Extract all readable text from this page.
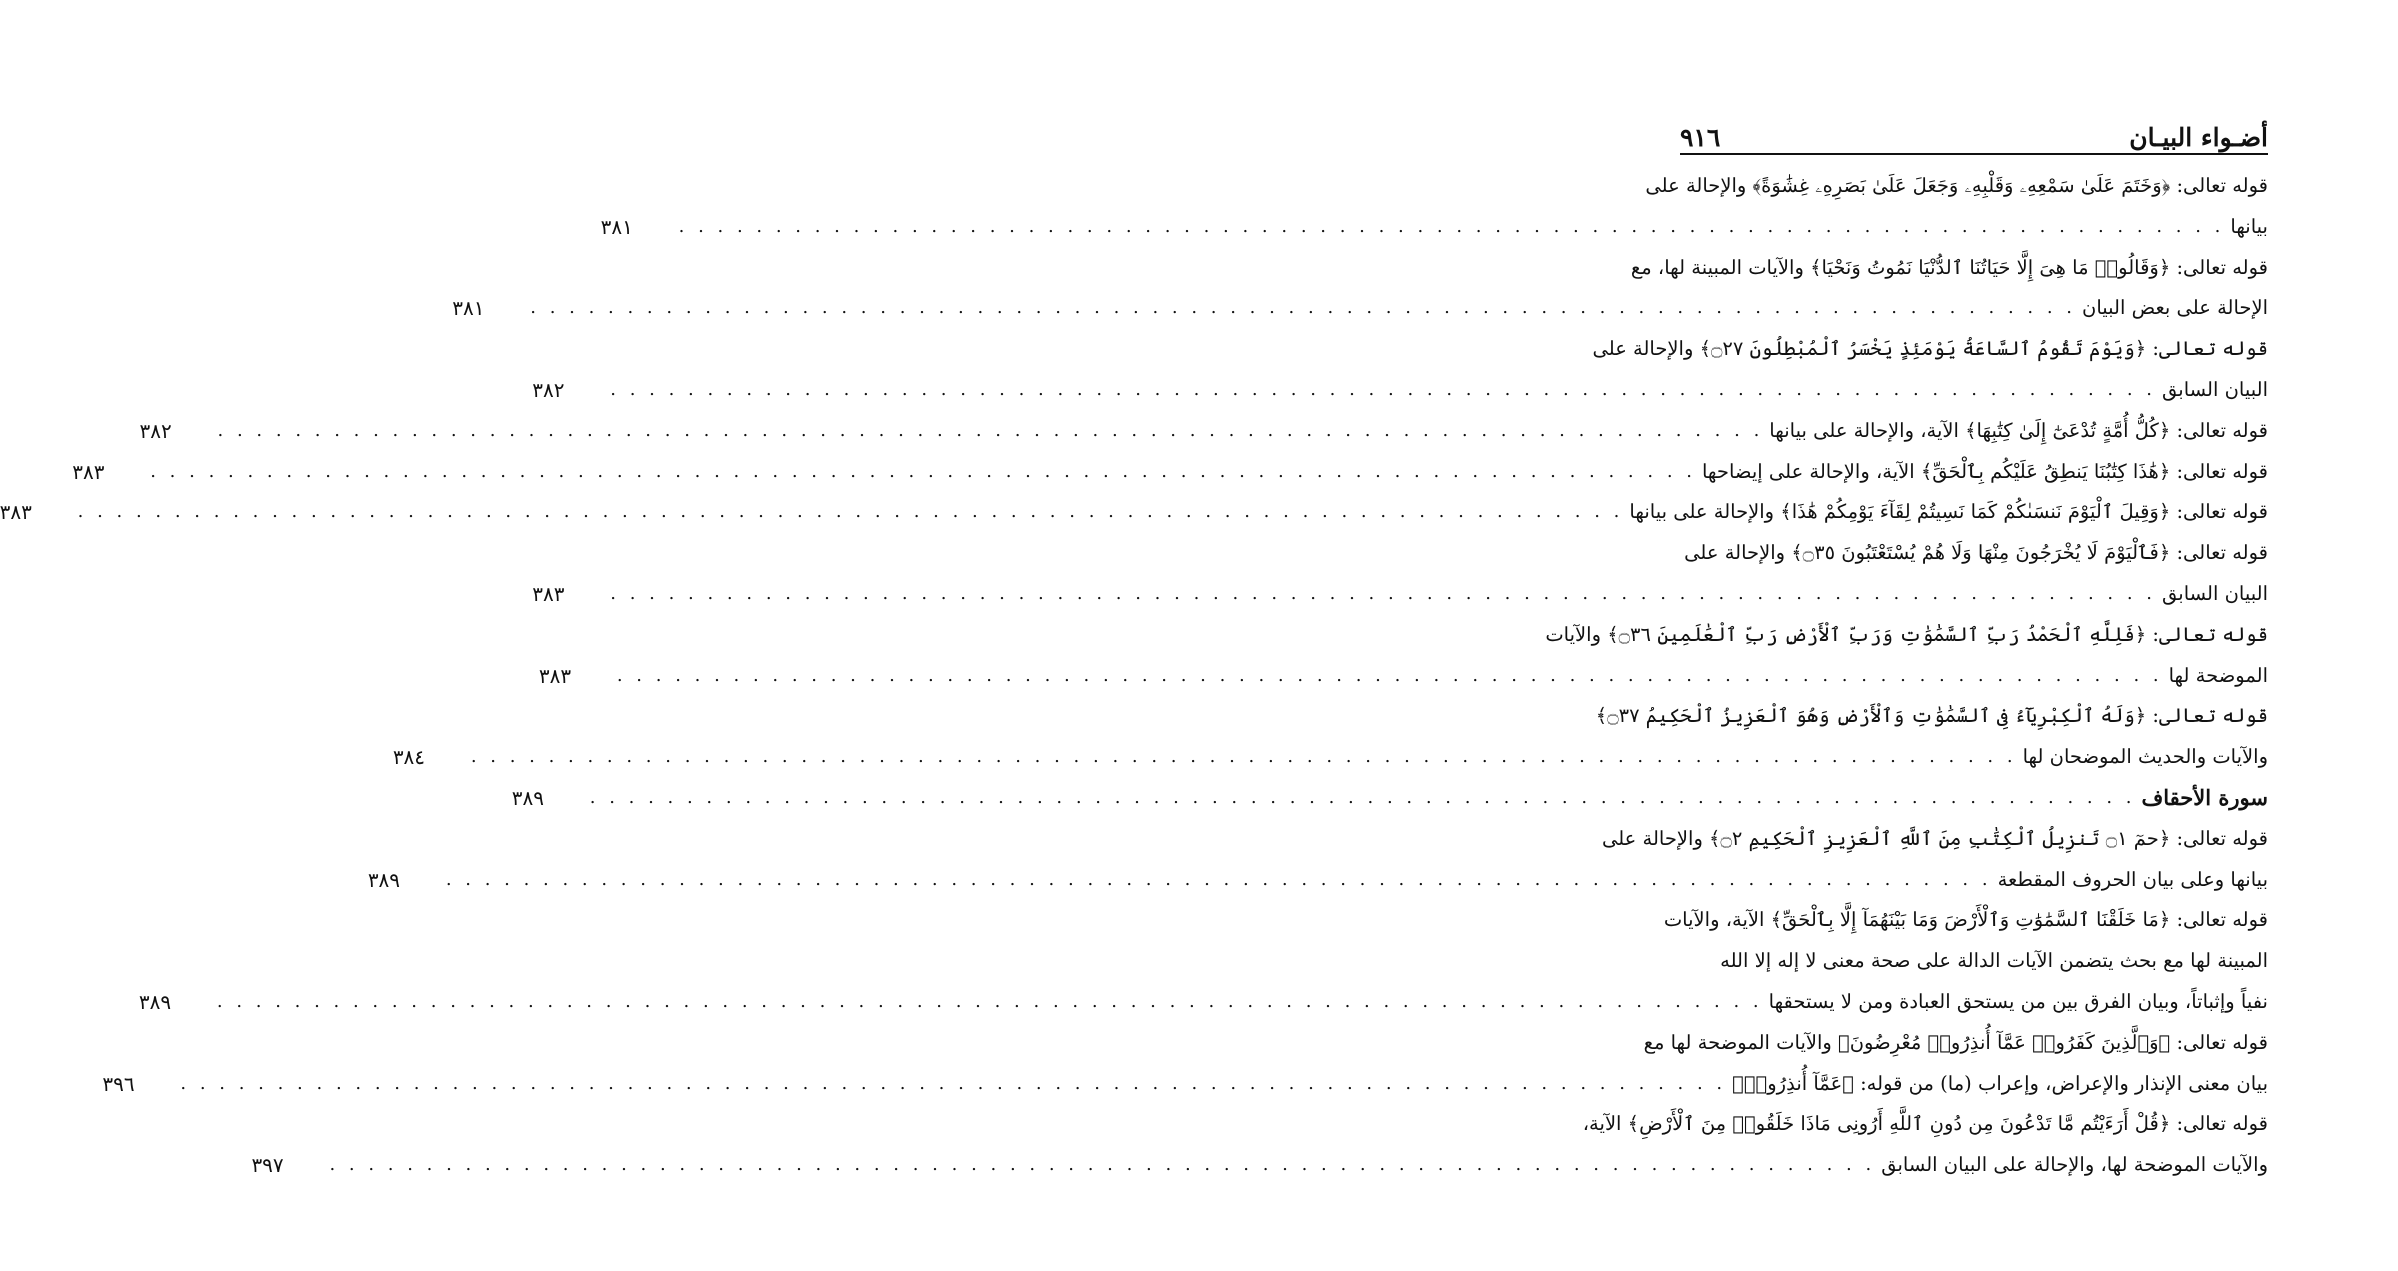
أضـواء البيـان
٩١٦
قوله تعالى: ﴿وَخَتَمَ عَلَىٰ سَمْعِهِۦ وَقَلْبِهِۦ وَجَعَلَ عَلَىٰ بَصَرِهِۦ غِشَٰوَةً﴾ والإحالة على
بيانها
. . . . . . . . . . . . . . . . . . . . . . . . . . . . . . . . . . . . . . . . . . . . . . . . . . . . . . . . . . . . . . . . . . . . . . . . . . . . . . . .
٣٨١
قوله تعالى: ﴿وَقَالُوا۟ مَا هِىَ إِلَّا حَيَاتُنَا ٱلدُّنْيَا نَمُوتُ وَنَحْيَا﴾ والآيات المبينة لها، مع
الإحالة على بعض البيان
. . . . . . . . . . . . . . . . . . . . . . . . . . . . . . . . . . . . . . . . . . . . . . . . . . . . . . . . . . . . . . . . . . . . . . . . . . . . . . . .
٣٨١
قوله تعالى: ﴿وَيَوْمَ تَقُومُ ٱلسَّاعَةُ يَوْمَئِذٍ يَخْسَرُ ٱلْمُبْطِلُونَ ۝٢٧﴾ والإحالة على
البيان السابق
. . . . . . . . . . . . . . . . . . . . . . . . . . . . . . . . . . . . . . . . . . . . . . . . . . . . . . . . . . . . . . . . . . . . . . . . . . . . . . . .
٣٨٢
قوله تعالى: ﴿كُلُّ أُمَّةٍ تُدْعَىٰٓ إِلَىٰ كِتَٰبِهَا﴾ الآية، والإحالة على بيانها
. . . . . . . . . . . . . . . . . . . . . . . . . . . . . . . . . . . . . . . . . . . . . . . . . . . . . . . . . . . . . . . . . . . . . . . . . . . . . . . .
٣٨٢
قوله تعالى: ﴿هَٰذَا كِتَٰبُنَا يَنطِقُ عَلَيْكُم بِٱلْحَقِّ﴾ الآية، والإحالة على إيضاحها
. . . . . . . . . . . . . . . . . . . . . . . . . . . . . . . . . . . . . . . . . . . . . . . . . . . . . . . . . . . . . . . . . . . . . . . . . . . . . . . .
٣٨٣
قوله تعالى: ﴿وَقِيلَ ٱلْيَوْمَ نَنسَىٰكُمْ كَمَا نَسِيتُمْ لِقَآءَ يَوْمِكُمْ هَٰذَا﴾ والإحالة على بيانها
. . . . . . . . . . . . . . . . . . . . . . . . . . . . . . . . . . . . . . . . . . . . . . . . . . . . . . . . . . . . . . . . . . . . . . . . . . . . . . . .
٣٨٣
قوله تعالى: ﴿فَٱلْيَوْمَ لَا يُخْرَجُونَ مِنْهَا وَلَا هُمْ يُسْتَعْتَبُونَ ۝٣٥﴾ والإحالة على
البيان السابق
. . . . . . . . . . . . . . . . . . . . . . . . . . . . . . . . . . . . . . . . . . . . . . . . . . . . . . . . . . . . . . . . . . . . . . . . . . . . . . . .
٣٨٣
قوله تعالى: ﴿فَلِلَّهِ ٱلْحَمْدُ رَبِّ ٱلسَّمَٰوَٰتِ وَرَبِّ ٱلْأَرْضِ رَبِّ ٱلْعَٰلَمِينَ ۝٣٦﴾ والآيات
الموضحة لها
. . . . . . . . . . . . . . . . . . . . . . . . . . . . . . . . . . . . . . . . . . . . . . . . . . . . . . . . . . . . . . . . . . . . . . . . . . . . . . . .
٣٨٣
قوله تعالى: ﴿وَلَهُ ٱلْكِبْرِيَآءُ فِى ٱلسَّمَٰوَٰتِ وَٱلْأَرْضِ وَهُوَ ٱلْعَزِيزُ ٱلْحَكِيمُ ۝٣٧﴾
والآيات والحديث الموضحان لها
. . . . . . . . . . . . . . . . . . . . . . . . . . . . . . . . . . . . . . . . . . . . . . . . . . . . . . . . . . . . . . . . . . . . . . . . . . . . . . . .
٣٨٤
سورة الأحقاف
. . . . . . . . . . . . . . . . . . . . . . . . . . . . . . . . . . . . . . . . . . . . . . . . . . . . . . . . . . . . . . . . . . . . . . . . . . . . . . . .
٣٨٩
قوله تعالى: ﴿حمٓ ۝١ تَنزِيلُ ٱلْكِتَٰبِ مِنَ ٱللَّهِ ٱلْعَزِيزِ ٱلْحَكِيمِ ۝٢﴾ والإحالة على
بيانها وعلى بيان الحروف المقطعة
. . . . . . . . . . . . . . . . . . . . . . . . . . . . . . . . . . . . . . . . . . . . . . . . . . . . . . . . . . . . . . . . . . . . . . . . . . . . . . . .
٣٨٩
قوله تعالى: ﴿مَا خَلَقْنَا ٱلسَّمَٰوَٰتِ وَٱلْأَرْضَ وَمَا بَيْنَهُمَآ إِلَّا بِٱلْحَقِّ﴾ الآية، والآيات
المبينة لها مع بحث يتضمن الآيات الدالة على صحة معنى لا إله إلا الله
نفياً وإثباتاً، وبيان الفرق بين من يستحق العبادة ومن لا يستحقها
. . . . . . . . . . . . . . . . . . . . . . . . . . . . . . . . . . . . . . . . . . . . . . . . . . . . . . . . . . . . . . . . . . . . . . . . . . . . . . . .
٣٨٩
قوله تعالى: ﴿وَٱلَّذِينَ كَفَرُوا۟ عَمَّآ أُنذِرُوا۟ مُعْرِضُونَ﴾ والآيات الموضحة لها مع
بيان معنى الإنذار والإعراض، وإعراب (ما) من قوله: ﴿عَمَّآ أُنذِرُوا۟﴾
. . . . . . . . . . . . . . . . . . . . . . . . . . . . . . . . . . . . . . . . . . . . . . . . . . . . . . . . . . . . . . . . . . . . . . . . . . . . . . . .
٣٩٦
قوله تعالى: ﴿قُلْ أَرَءَيْتُم مَّا تَدْعُونَ مِن دُونِ ٱللَّهِ أَرُونِى مَاذَا خَلَقُوا۟ مِنَ ٱلْأَرْضِ﴾ الآية،
والآيات الموضحة لها، والإحالة على البيان السابق
. . . . . . . . . . . . . . . . . . . . . . . . . . . . . . . . . . . . . . . . . . . . . . . . . . . . . . . . . . . . . . . . . . . . . . . . . . . . . . . .
٣٩٧
